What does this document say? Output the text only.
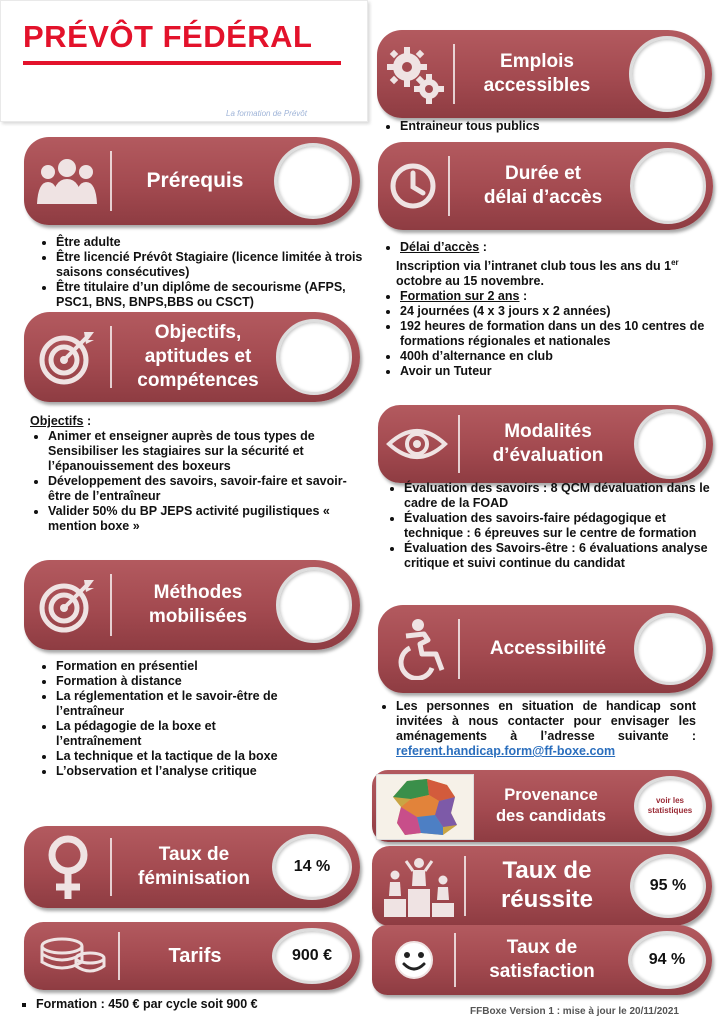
PRÉVÔT FÉDÉRAL
La formation de Prévôt
Emplois
accessibles
• Entraineur tous publics
Prérequis
• Être adulte
• Être licencié Prévôt Stagiaire (licence limitée à trois saisons consécutives)
• Être titulaire d’un diplôme de secourisme (AFPS, PSC1, BNS, BNPS,BBS ou CSCT)
Durée et
délai d’accès
• Délai d’accès :
Inscription via l’intranet club tous les ans du 1er octobre au 15 novembre.
• Formation sur 2 ans :
• 24 journées (4 x 3 jours x 2 années)
• 192 heures de formation dans un des 10 centres de formations régionales et nationales
• 400h d’alternance en club
• Avoir un Tuteur
Objectifs,
aptitudes et
compétences
Objectifs :
• Animer et enseigner auprès de tous types de Sensibiliser les stagiaires sur la sécurité et l’épanouissement des boxeurs
• Développement des savoirs, savoir-faire et savoir-être de l’entraîneur
• Valider 50% du BP JEPS activité pugilistiques « mention boxe »
Modalités
d’évaluation
• Évaluation des savoirs : 8 QCM dévaluation dans le cadre de la FOAD
• Évaluation des savoirs-faire pédagogique et technique : 6 épreuves sur le centre de formation
• Évaluation des Savoirs-être : 6 évaluations analyse critique et suivi continue du candidat
Méthodes
mobilisées
• Formation en présentiel
• Formation à distance
• La réglementation et le savoir-être de l’entraîneur
• La pédagogie de la boxe et l’entraînement
• La technique et la tactique de la boxe
• L’observation et l’analyse critique
Accessibilité
• Les personnes en situation de handicap sont invitées à nous contacter pour envisager les aménagements à l’adresse suivante : referent.handicap.form@ff-boxe.com
Provenance
des candidats
voir les
statistiques
Taux de
féminisation
14 %	Taux de
réussite
95 %
Tarifs	900 €
▪ Formation : 450 € par cycle soit 900 €
Taux de
satisfaction
94 %
FFBoxe Version 1 : mise à jour le 20/11/2021
